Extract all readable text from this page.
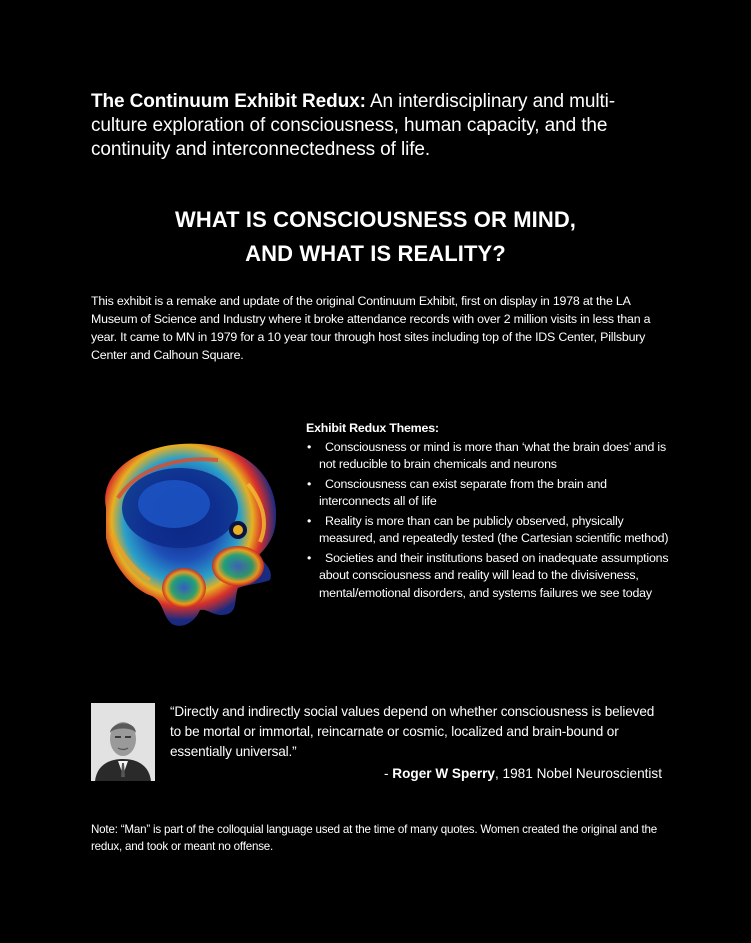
The Continuum Exhibit Redux: An interdisciplinary and multi-culture exploration of consciousness, human capacity, and the continuity and interconnectedness of life.
WHAT IS CONSCIOUSNESS OR MIND,
AND WHAT IS REALITY?
This exhibit is a remake and update of the original Continuum Exhibit, first on display in 1978 at the LA Museum of Science and Industry where it broke attendance records with over 2 million visits in less than a year. It came to MN in 1979 for a 10 year tour through host sites including top of the IDS Center, Pillsbury Center and Calhoun Square.
Exhibit Redux Themes:
•	Consciousness or mind is more than ‘what the brain does’ and is not reducible to brain chemicals and neurons
•	Consciousness can exist separate from the brain and interconnects all of life
•	Reality is more than can be publicly observed, physically measured, and repeatedly tested (the Cartesian scientific method)
•	Societies and their institutions based on inadequate assumptions about consciousness and reality will lead to the divisiveness, mental/emotional disorders, and systems failures we see today
“Directly and indirectly social values depend on whether consciousness is believed to be mortal or immortal, reincarnate or cosmic, localized and brain-bound or essentially universal.”
- Roger W Sperry, 1981 Nobel Neuroscientist
Note: “Man” is part of the colloquial language used at the time of many quotes. Women created the original and the redux, and took or meant no offense.
